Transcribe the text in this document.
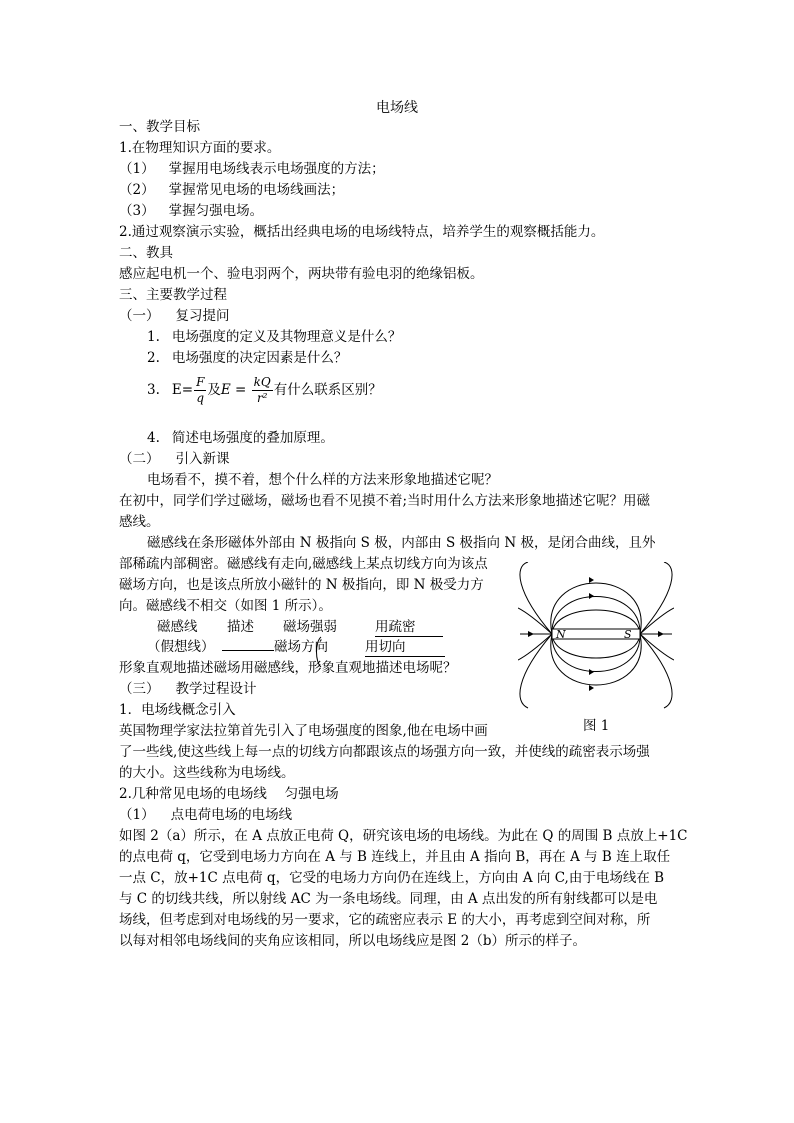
电场线
一、教学目标
1.在物理知识方面的要求。
（1） 掌握用电场线表示电场强度的方法；
（2） 掌握常见电场的电场线画法；
（3） 掌握匀强电场。
2.通过观察演示实验，概括出经典电场的电场线特点，培养学生的观察概括能力。
二、教具
感应起电机一个、验电羽两个，两块带有验电羽的绝缘铝板。
三、主要教学过程
（一） 复习提问
1. 电场强度的定义及其物理意义是什么？
2. 电场强度的决定因素是什么？
3. $E= \frac{F}{q}$ 及$E = \frac{kQ}{\text{r²}}$ 有什么联系区别？
4. 简述电场强度的叠加原理。
（二） 引入新课
电场看不，摸不着，想个什么样的方法来形象地描述它呢？
在初中，同学们学过磁场，磁场也看不见摸不着;当时用什么方法来形象地描述它呢？用磁
感线。
磁感线在条形磁体外部由 N 极指向 S 极，内部由 S 极指向 N 极，是闭合曲线，且外
部稀疏内部稠密。磁感线有走向,磁感线上某点切线方向为该点
磁场方向，也是该点所放小磁针的 N 极指向，即 N 极受力方
向。磁感线不相交（如图 1 所示）。
磁感线 描述 磁场强弱	用疏密
（假想线）	磁场方向	用切向
形象直观地描述磁场用磁感线，形象直观地描述电场呢？
（三） 教学过程设计
1．电场线概念引入
英国物理学家法拉第首先引入了电场强度的图象,他在电场中画
了一些线,使这些线上每一点的切线方向都跟该点的场强方向一致，并使线的疏密表示场强
的大小。这些线称为电场线。
2.几种常见电场的电场线　 匀强电场
（1） 点电荷电场的电场线
如图 2（a）所示，在 A 点放正电荷 Q，研究该电场的电场线。为此在 Q 的周围 B 点放上+1C
的点电荷 q，它受到电场力方向在 A 与 B 连线上，并且由 A 指向 B，再在 A 与 B 连上取任
一点 C，放+1C 点电荷 q，它受的电场力方向仍在连线上，方向由 A 向 C,由于电场线在 B
与 C 的切线共线，所以射线 AC 为一条电场线。同理，由 A 点出发的所有射线都可以是电
场线，但考虑到对电场线的另一要求，它的疏密应表示 E 的大小，再考虑到空间对称，所
以每对相邻电场线间的夹角应该相同，所以电场线应是图 2（b）所示的样子。
N	S
图 1
